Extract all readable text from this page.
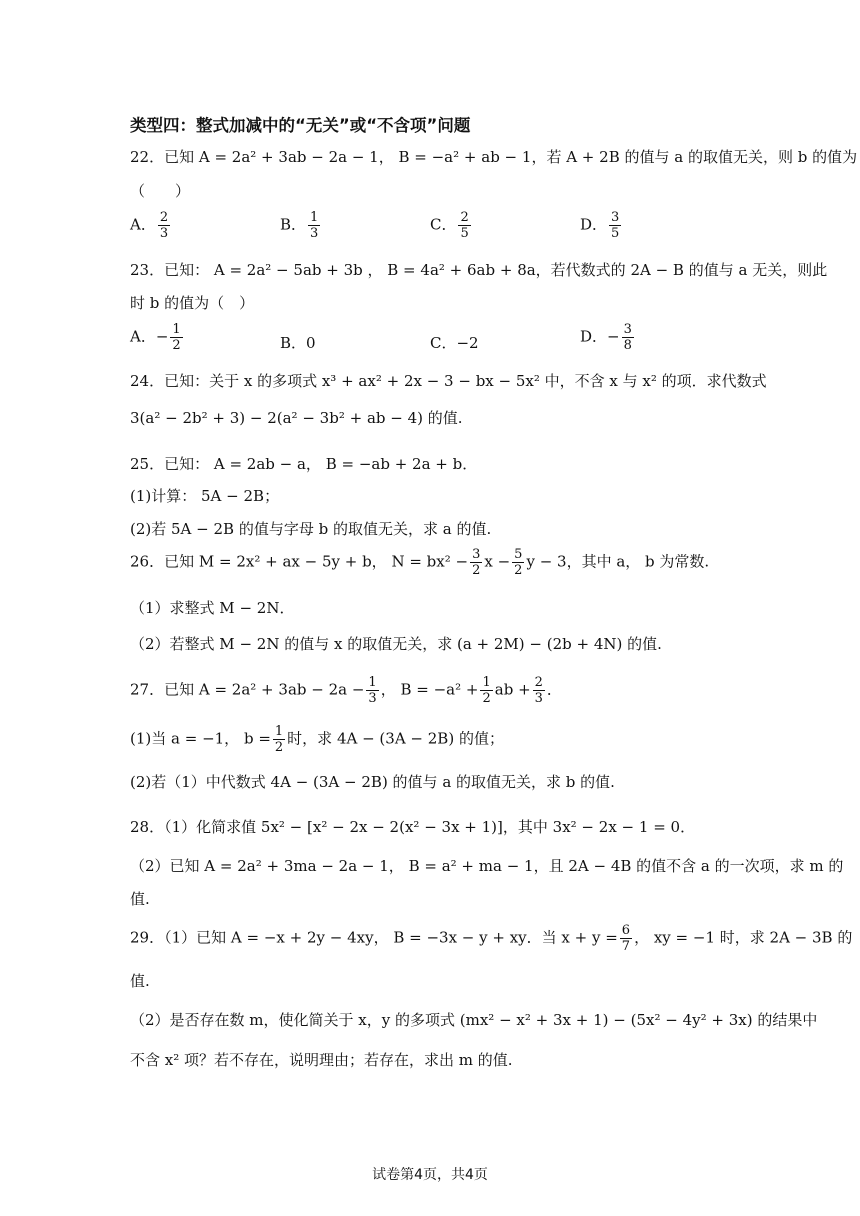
类型四：整式加减中的“无关”或“不含项”问题
22．已知 A = 2a² + 3ab − 2a − 1， B = −a² + ab − 1，若 A + 2B 的值与 a 的取值无关，则 b 的值为
（　　）
A． $\frac{2}{3}$	B． $\frac{1}{3}$	C． $\frac{2}{5}$	D． $\frac{3}{5}$
23．已知： A = 2a² − 5ab + 3b ， B = 4a² + 6ab + 8a，若代数式的 2A − B 的值与 a 无关，则此
时 b 的值为（　）
A．− $\frac{1}{2}$	B．0	C．−2	D．− $\frac{3}{8}$
24．已知：关于 x 的多项式 x³ + ax² + 2x − 3 − bx − 5x² 中，不含 x 与 x² 的项．求代数式
3(a² − 2b² + 3) − 2(a² − 3b² + ab − 4) 的值.
25．已知： A = 2ab − a， B = −ab + 2a + b．
(1)计算： 5A − 2B；
(2)若 5A − 2B 的值与字母 b 的取值无关，求 a 的值.
26．已知 M = 2x² + ax − 5y + b， $N = bx^2 - \frac{3}{2}$ $x - \frac{5}{2}$ y − 3，其中 a， b 为常数.
（1）求整式 M − 2N．
（2）若整式 M − 2N 的值与 x 的取值无关，求 (a + 2M) − (2b + 4N) 的值.
27．已知 $A = 2a^2 + 3ab - 2a - \frac{1}{3}$ ， $B = -a^2 + \frac{1}{2}$ ab + $\frac{2}{3}$ ．
(1)当 a = −1， $b = \frac{1}{2}$ 时，求 4A − (3A − 2B) 的值；
(2)若（1）中代数式 4A − (3A − 2B) 的值与 a 的取值无关，求 b 的值.
28．（1）化简求值 5x² − [x² − 2x − 2(x² − 3x + 1)]，其中 3x² − 2x − 1 = 0．
（2）已知 A = 2a² + 3ma − 2a − 1， B = a² + ma − 1，且 2A − 4B 的值不含 a 的一次项，求 m 的
值.
29．（1）已知 A = −x + 2y − 4xy， B = −3x − y + xy．当 $x + y = \frac{6}{7}$ ， xy = −1 时，求 2A − 3B 的
值.
（2）是否存在数 m，使化简关于 x，y 的多项式 (mx² − x² + 3x + 1) − (5x² − 4y² + 3x) 的结果中
不含 x² 项？若不存在，说明理由；若存在，求出 m 的值.
试卷第4页，共4页
